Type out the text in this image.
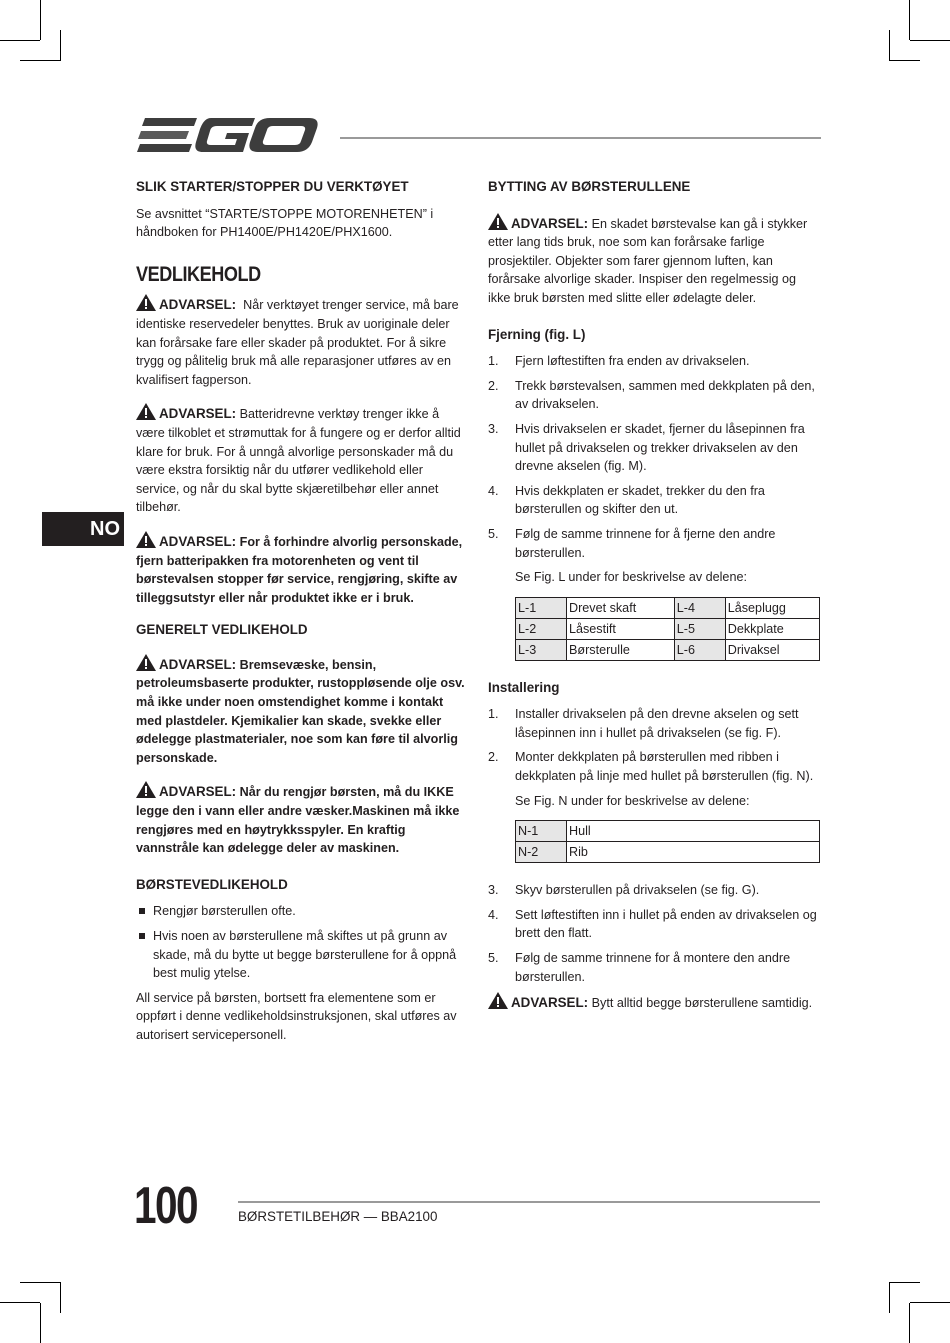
NO
SLIK STARTER/STOPPER DU VERKTØYET

Se avsnittet “STARTE/STOPPE MOTORENHETEN” i håndboken for PH1400E/PH1420E/PHX1600.

VEDLIKEHOLD

ADVARSEL: Når verktøyet trenger service, må bare identiske reservedeler benyttes. Bruk av uoriginale deler kan forårsake fare eller skader på produktet. For å sikre trygg og pålitelig bruk må alle reparasjoner utføres av en kvalifisert fagperson.

ADVARSEL: Batteridrevne verktøy trenger ikke å være tilkoblet et strømuttak for å fungere og er derfor alltid klare for bruk. For å unngå alvorlige personskader må du være ekstra forsiktig når du utfører vedlikehold eller service, og når du skal bytte skjæretilbehør eller annet tilbehør.

ADVARSEL: For å forhindre alvorlig personskade, fjern batteripakken fra motorenheten og vent til børstevalsen stopper før service, rengjøring, skifte av tilleggsutstyr eller når produktet ikke er i bruk.

GENERELT VEDLIKEHOLD

ADVARSEL: Bremsevæske, bensin, petroleumsbaserte produkter, rustoppløsende olje osv. må ikke under noen omstendighet komme i kontakt med plastdeler. Kjemikalier kan skade, svekke eller ødelegge plastmaterialer, noe som kan føre til alvorlig personskade.

ADVARSEL: Når du rengjør børsten, må du IKKE legge den i vann eller andre væsker.Maskinen må ikke rengjøres med en høytrykksspyler. En kraftig vannstråle kan ødelegge deler av maskinen.

BØRSTEVEDLIKEHOLD
Rengjør børsterullen ofte.
Hvis noen av børsterullene må skiftes ut på grunn av skade, må du bytte ut begge børsterullene for å oppnå best mulig ytelse.

All service på børsten, bortsett fra elementene som er oppført i denne vedlikeholdsinstruksjonen, skal utføres av autorisert servicepersonell.

BYTTING AV BØRSTERULLENE

ADVARSEL: En skadet børstevalse kan gå i stykker etter lang tids bruk, noe som kan forårsake farlige prosjektiler. Objekter som farer gjennom luften, kan forårsake alvorlige skader. Inspiser den regelmessig og ikke bruk børsten med slitte eller ødelagte deler.

Fjerning (fig. L)
1. Fjern løftestiften fra enden av drivakselen.
2. Trekk børstevalsen, sammen med dekkplaten på den, av drivakselen.
3. Hvis drivakselen er skadet, fjerner du låsepinnen fra hullet på drivakselen og trekker drivakselen av den drevne akselen (fig. M).
4. Hvis dekkplaten er skadet, trekker du den fra børsterullen og skifter den ut.
5. Følg de samme trinnene for å fjerne den andre børsterullen.

Se Fig. L under for beskrivelse av delene:

L-1	Drevet skaft	L-4	Låseplugg
L-2	Låsestift	L-5	Dekkplate
L-3	Børsterulle	L-6	Drivaksel
Installering
1. Installer drivakselen på den drevne akselen og sett låsepinnen inn i hullet på drivakselen (se fig. F).
2. Monter dekkplaten på børsterullen med ribben i dekkplaten på linje med hullet på børsterullen (fig. N).

Se Fig. N under for beskrivelse av delene:

N-1	Hull
N-2	Rib
3. Skyv børsterullen på drivakselen (se fig. G).
4. Sett løftestiften inn i hullet på enden av drivakselen og brett den flatt.
5. Følg de samme trinnene for å montere den andre børsterullen.

ADVARSEL: Bytt alltid begge børsterullene samtidig.

100	BØRSTETILBEHØR — BBA2100
